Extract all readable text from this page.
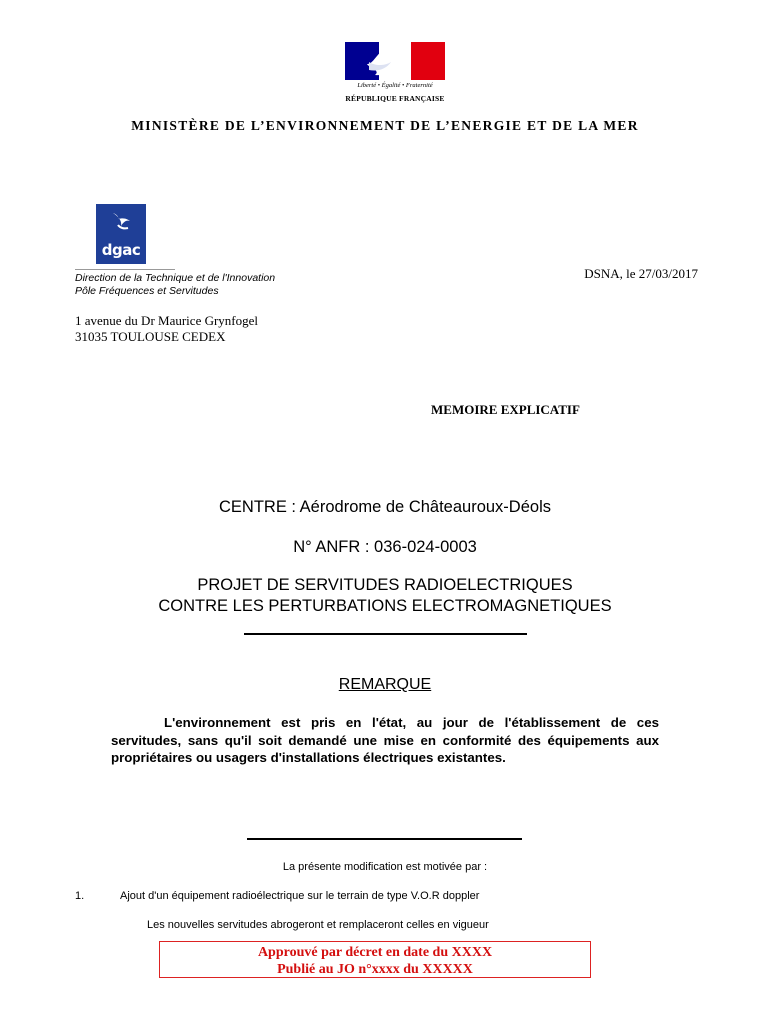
Liberté • Égalité • Fraternité
RÉPUBLIQUE FRANÇAISE
MINISTÈRE DE L’ENVIRONNEMENT DE L’ENERGIE ET DE LA MER
dgac
Direction de la Technique et de l'Innovation
Pôle Fréquences et Servitudes
DSNA, le 27/03/2017
1 avenue du Dr Maurice Grynfogel
31035 TOULOUSE CEDEX
MEMOIRE EXPLICATIF
CENTRE : Aérodrome de Châteauroux-Déols
N° ANFR : 036-024-0003
PROJET DE SERVITUDES RADIOELECTRIQUES
CONTRE LES PERTURBATIONS ELECTROMAGNETIQUES
REMARQUE
L'environnement est pris en l'état, au jour de l'établissement de ces servitudes, sans qu'il soit demandé une mise en conformité des équipements aux propriétaires ou usagers d'installations électriques existantes.
La présente modification est motivée par :
1.	Ajout d'un équipement radioélectrique sur le terrain de type V.O.R doppler
Les nouvelles servitudes abrogeront et remplaceront celles en vigueur
Approuvé par décret en date du XXXX
Publié au JO n°xxxx du XXXXX
